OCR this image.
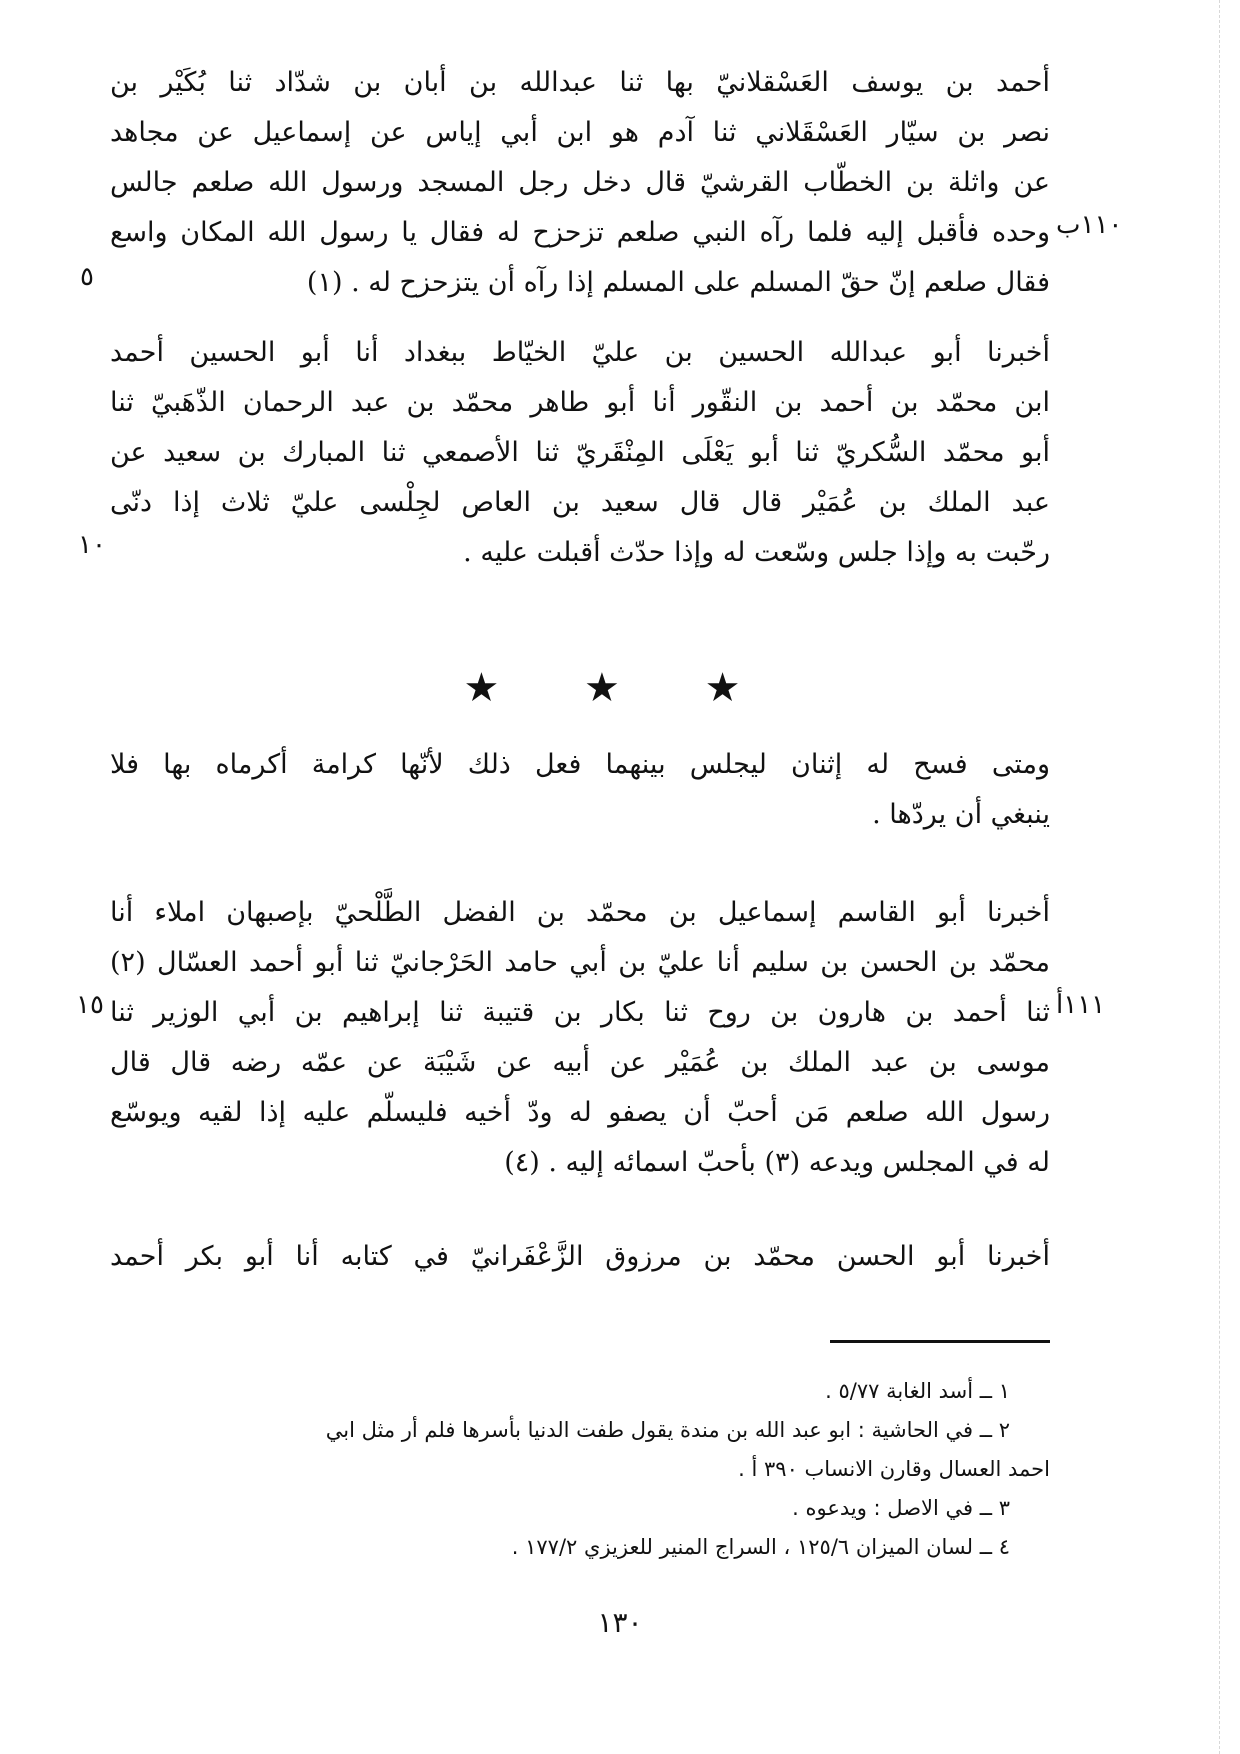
أحمد بن يوسف العَسْقلانيّ بها ثنا عبدالله بن أبان بن شدّاد ثنا بُكَيْر بن
نصر بن سيّار العَسْقَلاني ثنا آدم هو ابن أبي إياس عن إسماعيل عن مجاهد
عن واثلة بن الخطّاب القرشيّ قال دخل رجل المسجد ورسول الله صلعم جالس
وحده فأقبل إليه فلما رآه النبي صلعم تزحزح له فقال يا رسول الله المكان واسع
فقال صلعم إنّ حقّ المسلم على المسلم إذا رآه أن يتزحزح له . (١)
١١٠ب
٥
أخبرنا أبو عبدالله الحسين بن عليّ الخيّاط ببغداد أنا أبو الحسين أحمد
ابن محمّد بن أحمد بن النقّور أنا أبو طاهر محمّد بن عبد الرحمان الذّهَبيّ ثنا
أبو محمّد السُّكريّ ثنا أبو يَعْلَى المِنْقَريّ ثنا الأصمعي ثنا المبارك بن سعيد عن
عبد الملك بن عُمَيْر قال قال سعيد بن العاص لجِلْسى عليّ ثلاث إذا دنّى
رحّبت به وإذا جلس وسّعت له وإذا حدّث أقبلت عليه .
١٠
★ ★ ★
ومتى فسح له إثنان ليجلس بينهما فعل ذلك لأنّها كرامة أكرماه بها فلا
ينبغي أن يردّها .
أخبرنا أبو القاسم إسماعيل بن محمّد بن الفضل الطَّلْحيّ بإصبهان املاء أنا
محمّد بن الحسن بن سليم أنا عليّ بن أبي حامد الحَرْجانيّ ثنا أبو أحمد العسّال (٢)
ثنا أحمد بن هارون بن روح ثنا بكار بن قتيبة ثنا إبراهيم بن أبي الوزير ثنا
موسى بن عبد الملك بن عُمَيْر عن أبيه عن شَيْبَة عن عمّه رضه قال قال
رسول الله صلعم مَن أحبّ أن يصفو له ودّ أخيه فليسلّم عليه إذا لقيه ويوسّع
له في المجلس ويدعه (٣) بأحبّ اسمائه إليه . (٤)
١١١أ
١٥
أخبرنا أبو الحسن محمّد بن مرزوق الزَّعْفَرانيّ في كتابه أنا أبو بكر أحمد
١ ــ أسد الغابة ٥/٧٧ .
٢ ــ في الحاشية : ابو عبد الله بن مندة يقول طفت الدنيا بأسرها فلم أر مثل ابي
احمد العسال وقارن الانساب ٣٩٠ أ .
٣ ــ في الاصل : ويدعوه .
٤ ــ لسان الميزان ١٢٥/٦ ، السراج المنير للعزيزي ١٧٧/٢ .
١٣٠
